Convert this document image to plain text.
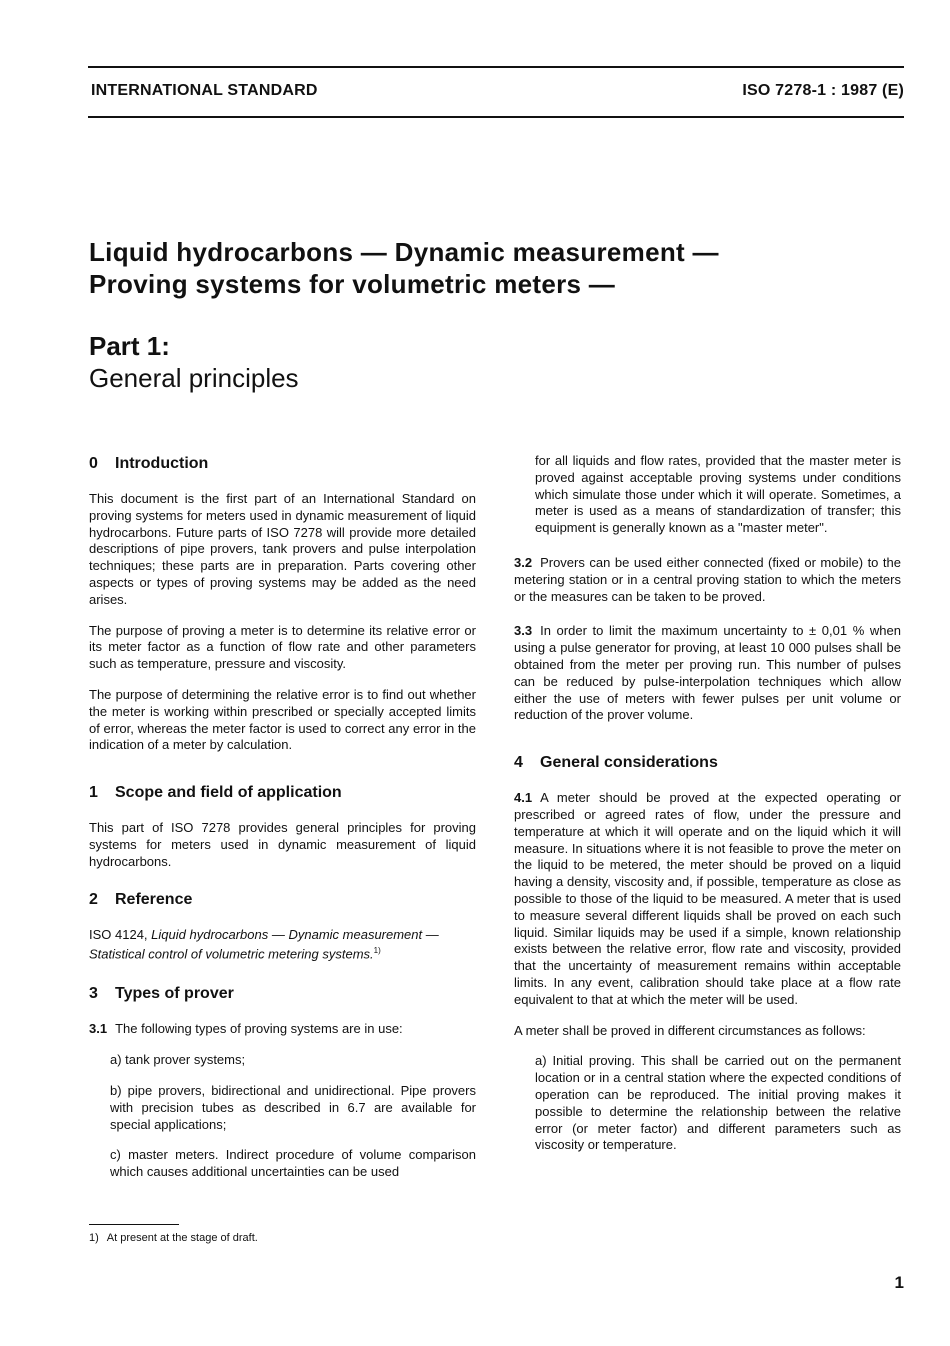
INTERNATIONAL STANDARD	ISO 7278-1 : 1987 (E)
Liquid hydrocarbons — Dynamic measurement —
Proving systems for volumetric meters —
Part 1:
General principles
0 Introduction

This document is the first part of an International Standard on proving systems for meters used in dynamic measurement of liquid hydrocarbons. Future parts of ISO 7278 will provide more detailed descriptions of pipe provers, tank provers and pulse interpolation techniques; these parts are in preparation. Parts covering other aspects or types of proving systems may be added as the need arises.

The purpose of proving a meter is to determine its relative error or its meter factor as a function of flow rate and other parameters such as temperature, pressure and viscosity.

The purpose of determining the relative error is to find out whether the meter is working within prescribed or specially accepted limits of error, whereas the meter factor is used to correct any error in the indication of a meter by calculation.

1 Scope and field of application

This part of ISO 7278 provides general principles for proving systems for meters used in dynamic measurement of liquid hydrocarbons.

2 Reference

ISO 4124, Liquid hydrocarbons — Dynamic measurement — Statistical control of volumetric metering systems.$^{1)}$

3 Types of prover

3.1 The following types of proving systems are in use:

a) tank prover systems;

b) pipe provers, bidirectional and unidirectional. Pipe provers with precision tubes as described in 6.7 are available for special applications;

c) master meters. Indirect procedure of volume comparison which causes additional uncertainties can be used

for all liquids and flow rates, provided that the master meter is proved against acceptable proving systems under conditions which simulate those under which it will operate. Sometimes, a meter is used as a means of standardization of transfer; this equipment is generally known as a "master meter".

3.2 Provers can be used either connected (fixed or mobile) to the metering station or in a central proving station to which the meters or the measures can be taken to be proved.

3.3 In order to limit the maximum uncertainty to ± 0,01 % when using a pulse generator for proving, at least 10 000 pulses shall be obtained from the meter per proving run. This number of pulses can be reduced by pulse-interpolation techniques which allow either the use of meters with fewer pulses per unit volume or reduction of the prover volume.

4 General considerations

4.1 A meter should be proved at the expected operating or prescribed or agreed rates of flow, under the pressure and temperature at which it will operate and on the liquid which it will measure. In situations where it is not feasible to prove the meter on the liquid to be metered, the meter should be proved on a liquid having a density, viscosity and, if possible, temperature as close as possible to those of the liquid to be measured. A meter that is used to measure several different liquids shall be proved on each such liquid. Similar liquids may be used if a simple, known relationship exists between the relative error, flow rate and viscosity, provided that the uncertainty of measurement remains within acceptable limits. In any event, calibration should take place at a flow rate equivalent to that at which the meter will be used.

A meter shall be proved in different circumstances as follows:

a) Initial proving. This shall be carried out on the permanent location or in a central station where the expected conditions of operation can be reproduced. The initial proving makes it possible to determine the relationship between the relative error (or meter factor) and different parameters such as viscosity or temperature.

1) At present at the stage of draft.
1
